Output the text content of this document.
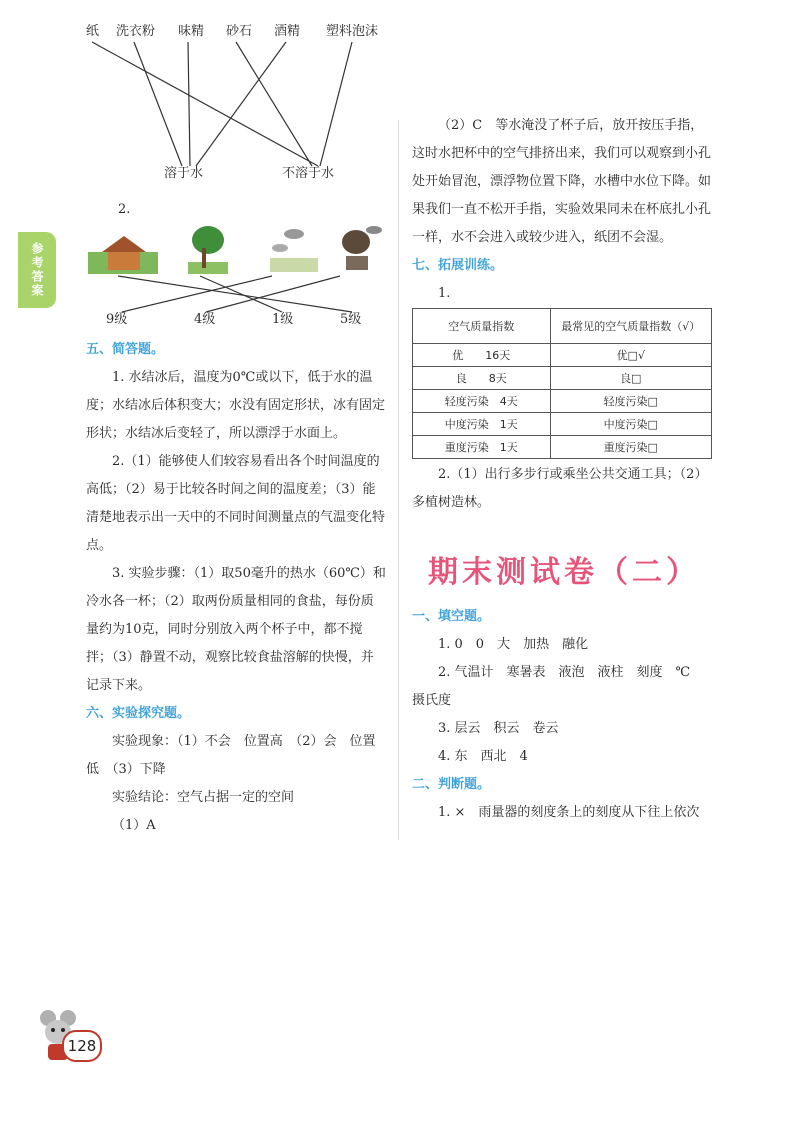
参考答案
纸 洗衣粉 味精 砂石 酒精 塑料泡沫
溶于水	不溶于水
2.
9级	4级	1级	5级
五、简答题。
1. 水结冰后，温度为0℃或以下，低于水的温度；水结冰后体积变大；水没有固定形状，冰有固定形状；水结冰后变轻了，所以漂浮于水面上。
2.（1）能够使人们较容易看出各个时间温度的高低；（2）易于比较各时间之间的温度差；（3）能清楚地表示出一天中的不同时间测量点的气温变化特点。
3. 实验步骤：（1）取50毫升的热水（60℃）和冷水各一杯；（2）取两份质量相同的食盐，每份质量约为10克，同时分别放入两个杯子中，都不搅拌；（3）静置不动，观察比较食盐溶解的快慢，并记录下来。
六、实验探究题。
实验现象：（1）不会　位置高　（2）会　位置低　（3）下降
实验结论：空气占据一定的空间
（1）A
（2）C　等水淹没了杯子后，放开按压手指，这时水把杯中的空气排挤出来，我们可以观察到小孔处开始冒泡，漂浮物位置下降，水槽中水位下降。如果我们一直不松开手指，实验效果同未在杯底扎小孔一样，水不会进入或较少进入，纸团不会湿。
七、拓展训练。
1.
空气质量指数	最常见的空气质量指数（√）
优　　 16天	优□√
良　　 8天	良□
轻度污染　 4天	轻度污染□
中度污染　 1天	中度污染□
重度污染　 1天	重度污染□
2.（1）出行多步行或乘坐公共交通工具；（2）多植树造林。
期末测试卷（二）
一、填空题。
1. 0　0　大　加热　融化
2. 气温计　寒暑表　液泡　液柱　刻度　℃　摄氏度
3. 层云　积云　卷云
4. 东　西北　4
二、判断题。
1. ×　雨量器的刻度条上的刻度从下往上依次
128
